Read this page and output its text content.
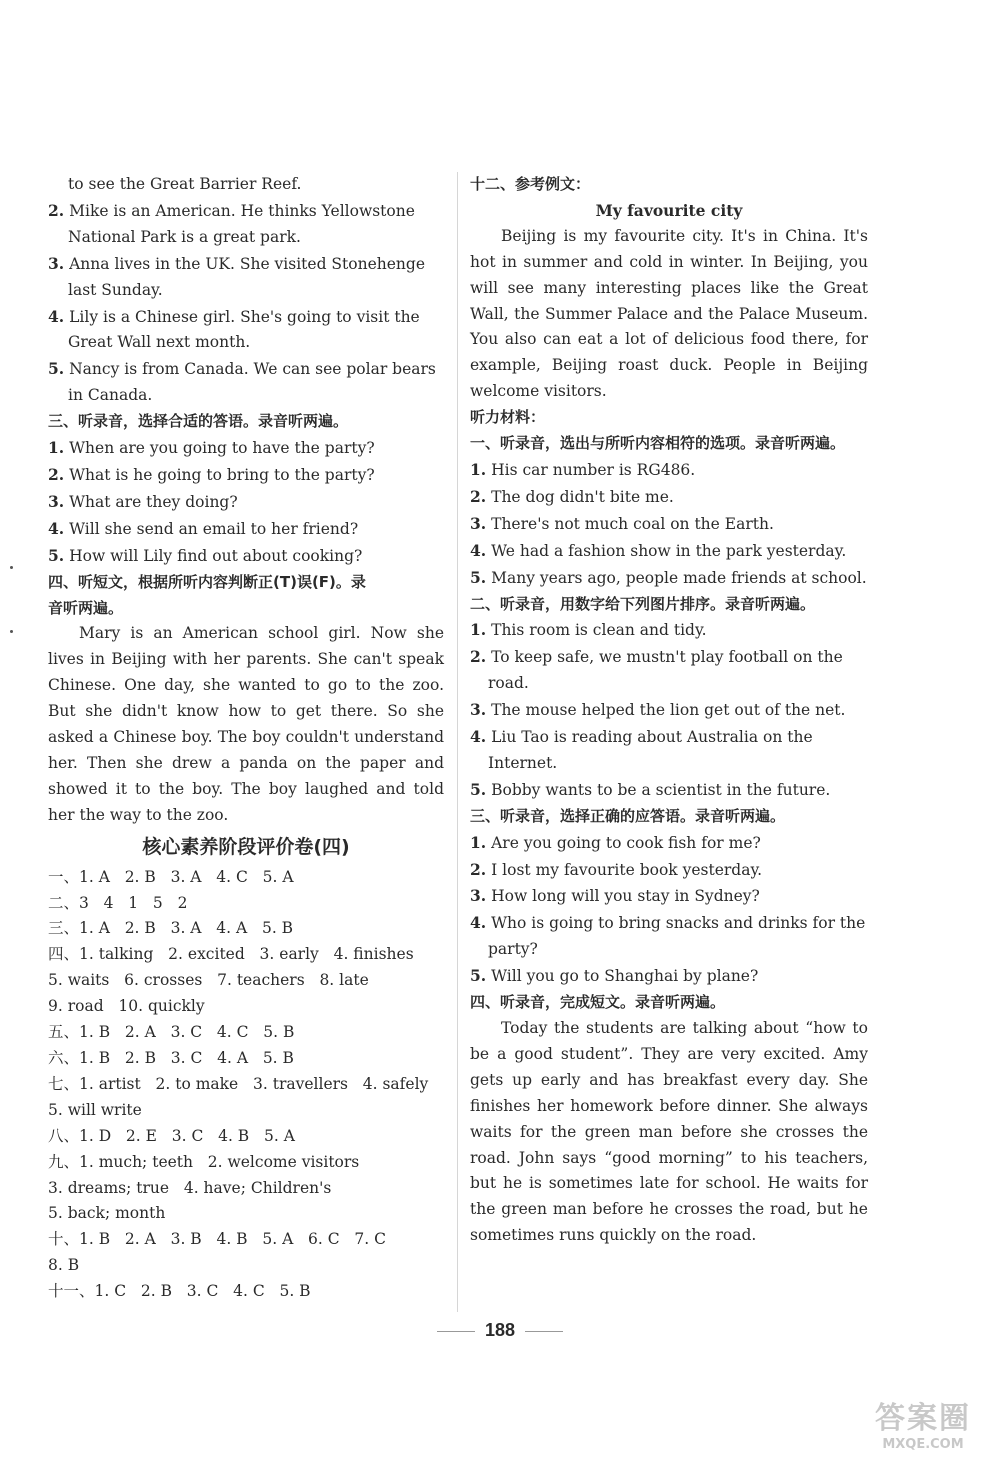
to see the Great Barrier Reef.
2. Mike is an American. He thinks Yellowstone
National Park is a great park.
3. Anna lives in the UK. She visited Stonehenge
last Sunday.
4. Lily is a Chinese girl. She's going to visit the
Great Wall next month.
5. Nancy is from Canada. We can see polar bears
in Canada.
三、听录音，选择合适的答语。录音听两遍。
1. When are you going to have the party?
2. What is he going to bring to the party?
3. What are they doing?
4. Will she send an email to her friend?
5. How will Lily find out about cooking?
四、听短文，根据所听内容判断正(T)误(F)。录
音听两遍。
Mary is an American school girl. Now she lives in Beijing with her parents. She can't speak Chinese. One day, she wanted to go to the zoo. But she didn't know how to get there. So she asked a Chinese boy. The boy couldn't understand her. Then she drew a panda on the paper and showed it to the boy. The boy laughed and told her the way to the zoo.
核心素养阶段评价卷(四)
一、1. A   2. B   3. A   4. C   5. A
二、3   4   1   5   2
三、1. A   2. B   3. A   4. A   5. B
四、1. talking   2. excited   3. early   4. finishes
5. waits   6. crosses   7. teachers   8. late
9. road   10. quickly
五、1. B   2. A   3. C   4. C   5. B
六、1. B   2. B   3. C   4. A   5. B
七、1. artist   2. to make   3. travellers   4. safely
5. will write
八、1. D   2. E   3. C   4. B   5. A
九、1. much; teeth   2. welcome visitors
3. dreams; true   4. have; Children's
5. back; month
十、1. B   2. A   3. B   4. B   5. A   6. C   7. C
8. B
十一、1. C   2. B   3. C   4. C   5. B
十二、参考例文：
My favourite city
Beijing is my favourite city. It's in China. It's hot in summer and cold in winter. In Beijing, you will see many interesting places like the Great Wall, the Summer Palace and the Palace Museum. You also can eat a lot of delicious food there, for example, Beijing roast duck. People in Beijing welcome visitors.
听力材料：
一、听录音，选出与所听内容相符的选项。录音听两遍。
1. His car number is RG486.
2. The dog didn't bite me.
3. There's not much coal on the Earth.
4. We had a fashion show in the park yesterday.
5. Many years ago, people made friends at school.
二、听录音，用数字给下列图片排序。录音听两遍。
1. This room is clean and tidy.
2. To keep safe, we mustn't play football on the road.
3. The mouse helped the lion get out of the net.
4. Liu Tao is reading about Australia on the Internet.
5. Bobby wants to be a scientist in the future.
三、听录音，选择正确的应答语。录音听两遍。
1. Are you going to cook fish for me?
2. I lost my favourite book yesterday.
3. How long will you stay in Sydney?
4. Who is going to bring snacks and drinks for the party?
5. Will you go to Shanghai by plane?
四、听录音，完成短文。录音听两遍。
Today the students are talking about “how to be a good student”. They are very excited. Amy gets up early and has breakfast every day. She finishes her homework before dinner. She always waits for the green man before she crosses the road. John says “good morning” to his teachers, but he is sometimes late for school. He waits for the green man before he crosses the road, but he sometimes runs quickly on the road.
188
答案圈
MXQE.COM
